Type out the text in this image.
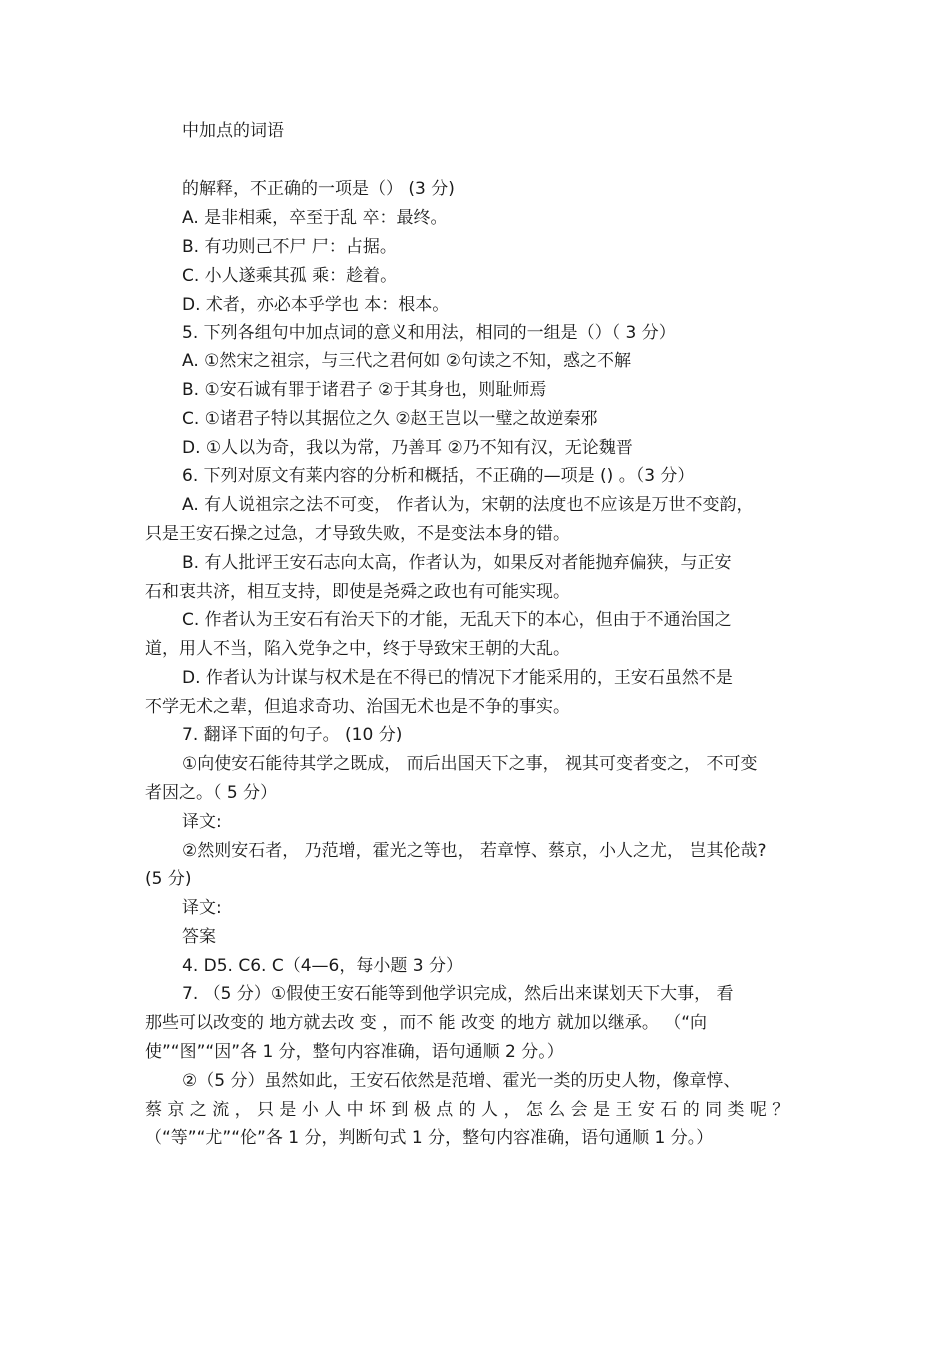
中加点的词语
的解释，不正确的一项是（） (3 分)
A. 是非相乘，卒至于乱 卒：最终。
B. 有功则己不尸 尸：占据。
C. 小人遂乘其孤 乘：趁着。
D. 术者，亦必本乎学也 本：根本。
5. 下列各组句中加点词的意义和用法，相同的一组是（）（ 3 分）
A. ①然宋之祖宗，与三代之君何如 ②句读之不知，惑之不解
B. ①安石诚有罪于诸君子 ②于其身也，则耻师焉
C. ①诸君子特以其据位之久 ②赵王岂以一璧之故逆秦邪
D. ①人以为奇，我以为常，乃善耳 ②乃不知有汉，无论魏晋
6. 下列对原文有莱内容的分析和概括，不正确的—项是 () 。（3 分）
A. 有人说祖宗之法不可变， 作者认为，宋朝的法度也不应该是万世不变韵，
只是王安石操之过急，才导致失败，不是变法本身的错。
B. 有人批评王安石志向太高，作者认为，如果反对者能抛弃偏狭，与正安
石和衷共济，相互支持，即使是尧舜之政也有可能实现。
C. 作者认为王安石有治天下的才能，无乱天下的本心，但由于不通治国之
道，用人不当，陷入党争之中，终于导致宋王朝的大乱。
D. 作者认为计谋与权术是在不得已的情况下才能采用的，王安石虽然不是
不学无术之辈，但追求奇功、治国无术也是不争的事实。
7. 翻译下面的句子。 (10 分)
①向使安石能待其学之既成， 而后出国天下之事， 视其可变者变之， 不可变
者因之。（ 5 分）
译文:
②然则安石者， 乃范增，霍光之等也， 若章惇、蔡京，小人之尤， 岂其伦哉?
(5 分)
译文:
答案
4. D5. C6. C（4—6，每小题 3 分）
7. （5 分）①假使王安石能等到他学识完成，然后出来谋划天下大事， 看
那些可以改变的 地方就去改 变 ，而不 能 改变 的地方 就加以继承。 （“向
使”“图”“因”各 1 分，整句内容准确，语句通顺 2 分。）
②（5 分）虽然如此，王安石依然是范增、霍光一类的历史人物，像章惇、
蔡 京 之 流 ， 只 是 小 人 中 坏 到 极 点 的 人 ， 怎 么 会 是 王 安 石 的 同 类 呢 ？
（“等”“尤”“伦”各 1 分，判断句式 1 分，整句内容准确，语句通顺 1 分。）
